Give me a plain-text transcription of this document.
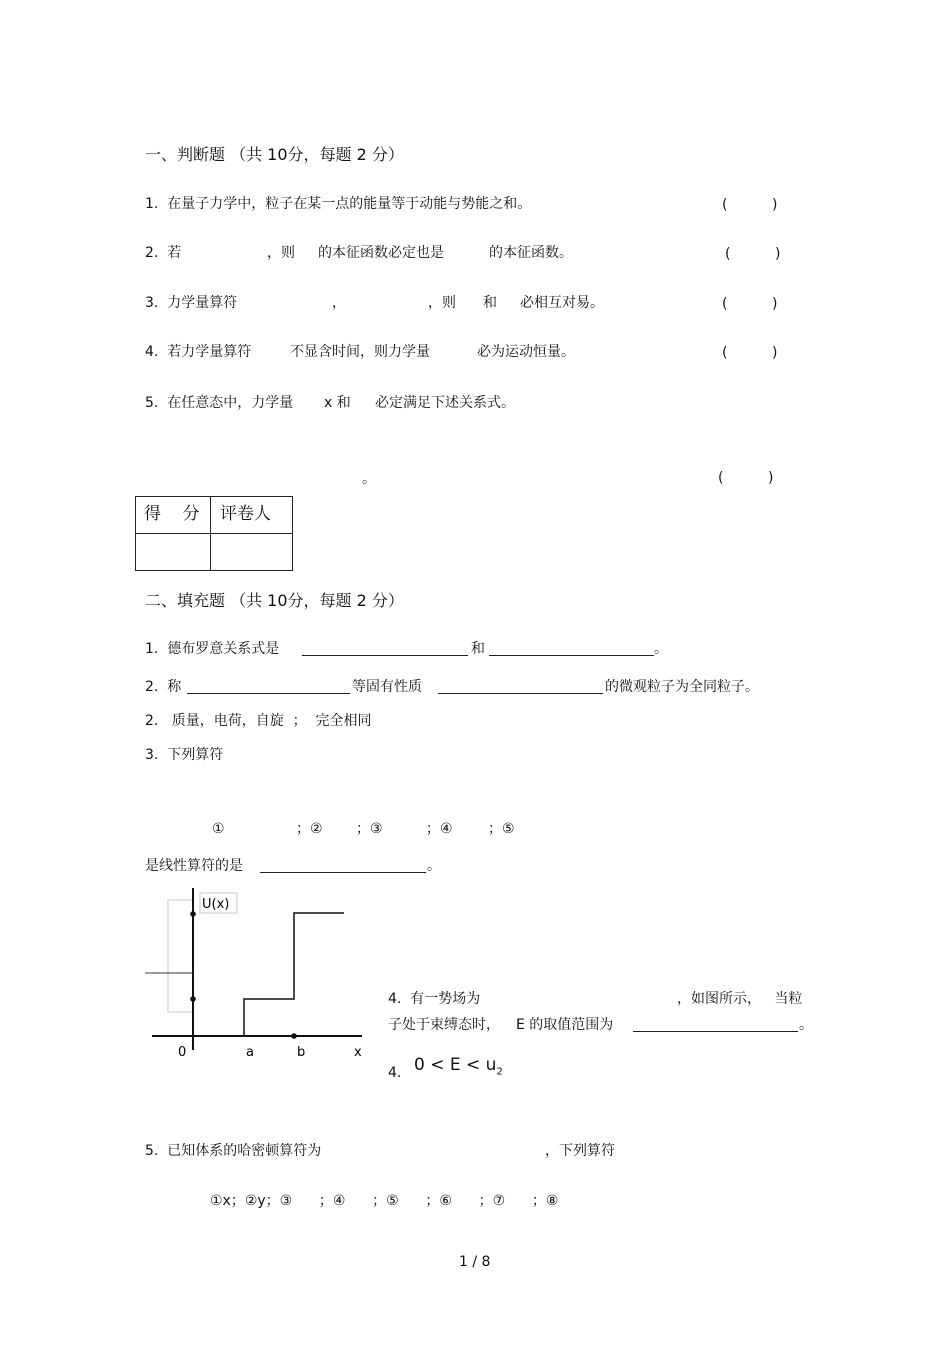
一、判断题 （共 10分，每题 2 分）
1.  在量子力学中，粒子在某一点的能量等于动能与势能之和。	(          )
2.  若	，则 的本征函数必定也是	的本征函数。	(          )
3.  力学量算符	，	，则 和 必相互对易。	(          )
4.  若力学量算符	不显含时间，则力学量	必为运动恒量。	(          )
5.  在任意态中，力学量 x 和 必定满足下述关系式。
。	(          )
得    分 评卷人
二、填充题 （共 10分，每题 2 分）
1.  德布罗意关系式是	和	。
2.  称	等固有性质	的微观粒子为全同粒子。
2.   质量，电荷，自旋  ；  完全相同
3.  下列算符
①	；② ；③	；④	；⑤
是线性算符的是	。
U(x)
0	a	b	x
4.  有一势场为	，如图所示，   当粒
子处于束缚态时， E 的取值范围为	。
4. $0 < E < u_2$
5.  已知体系的哈密顿算符为	，下列算符
①x；②y；③      ；④      ；⑤      ；⑥      ；⑦      ；⑧
1 / 8
